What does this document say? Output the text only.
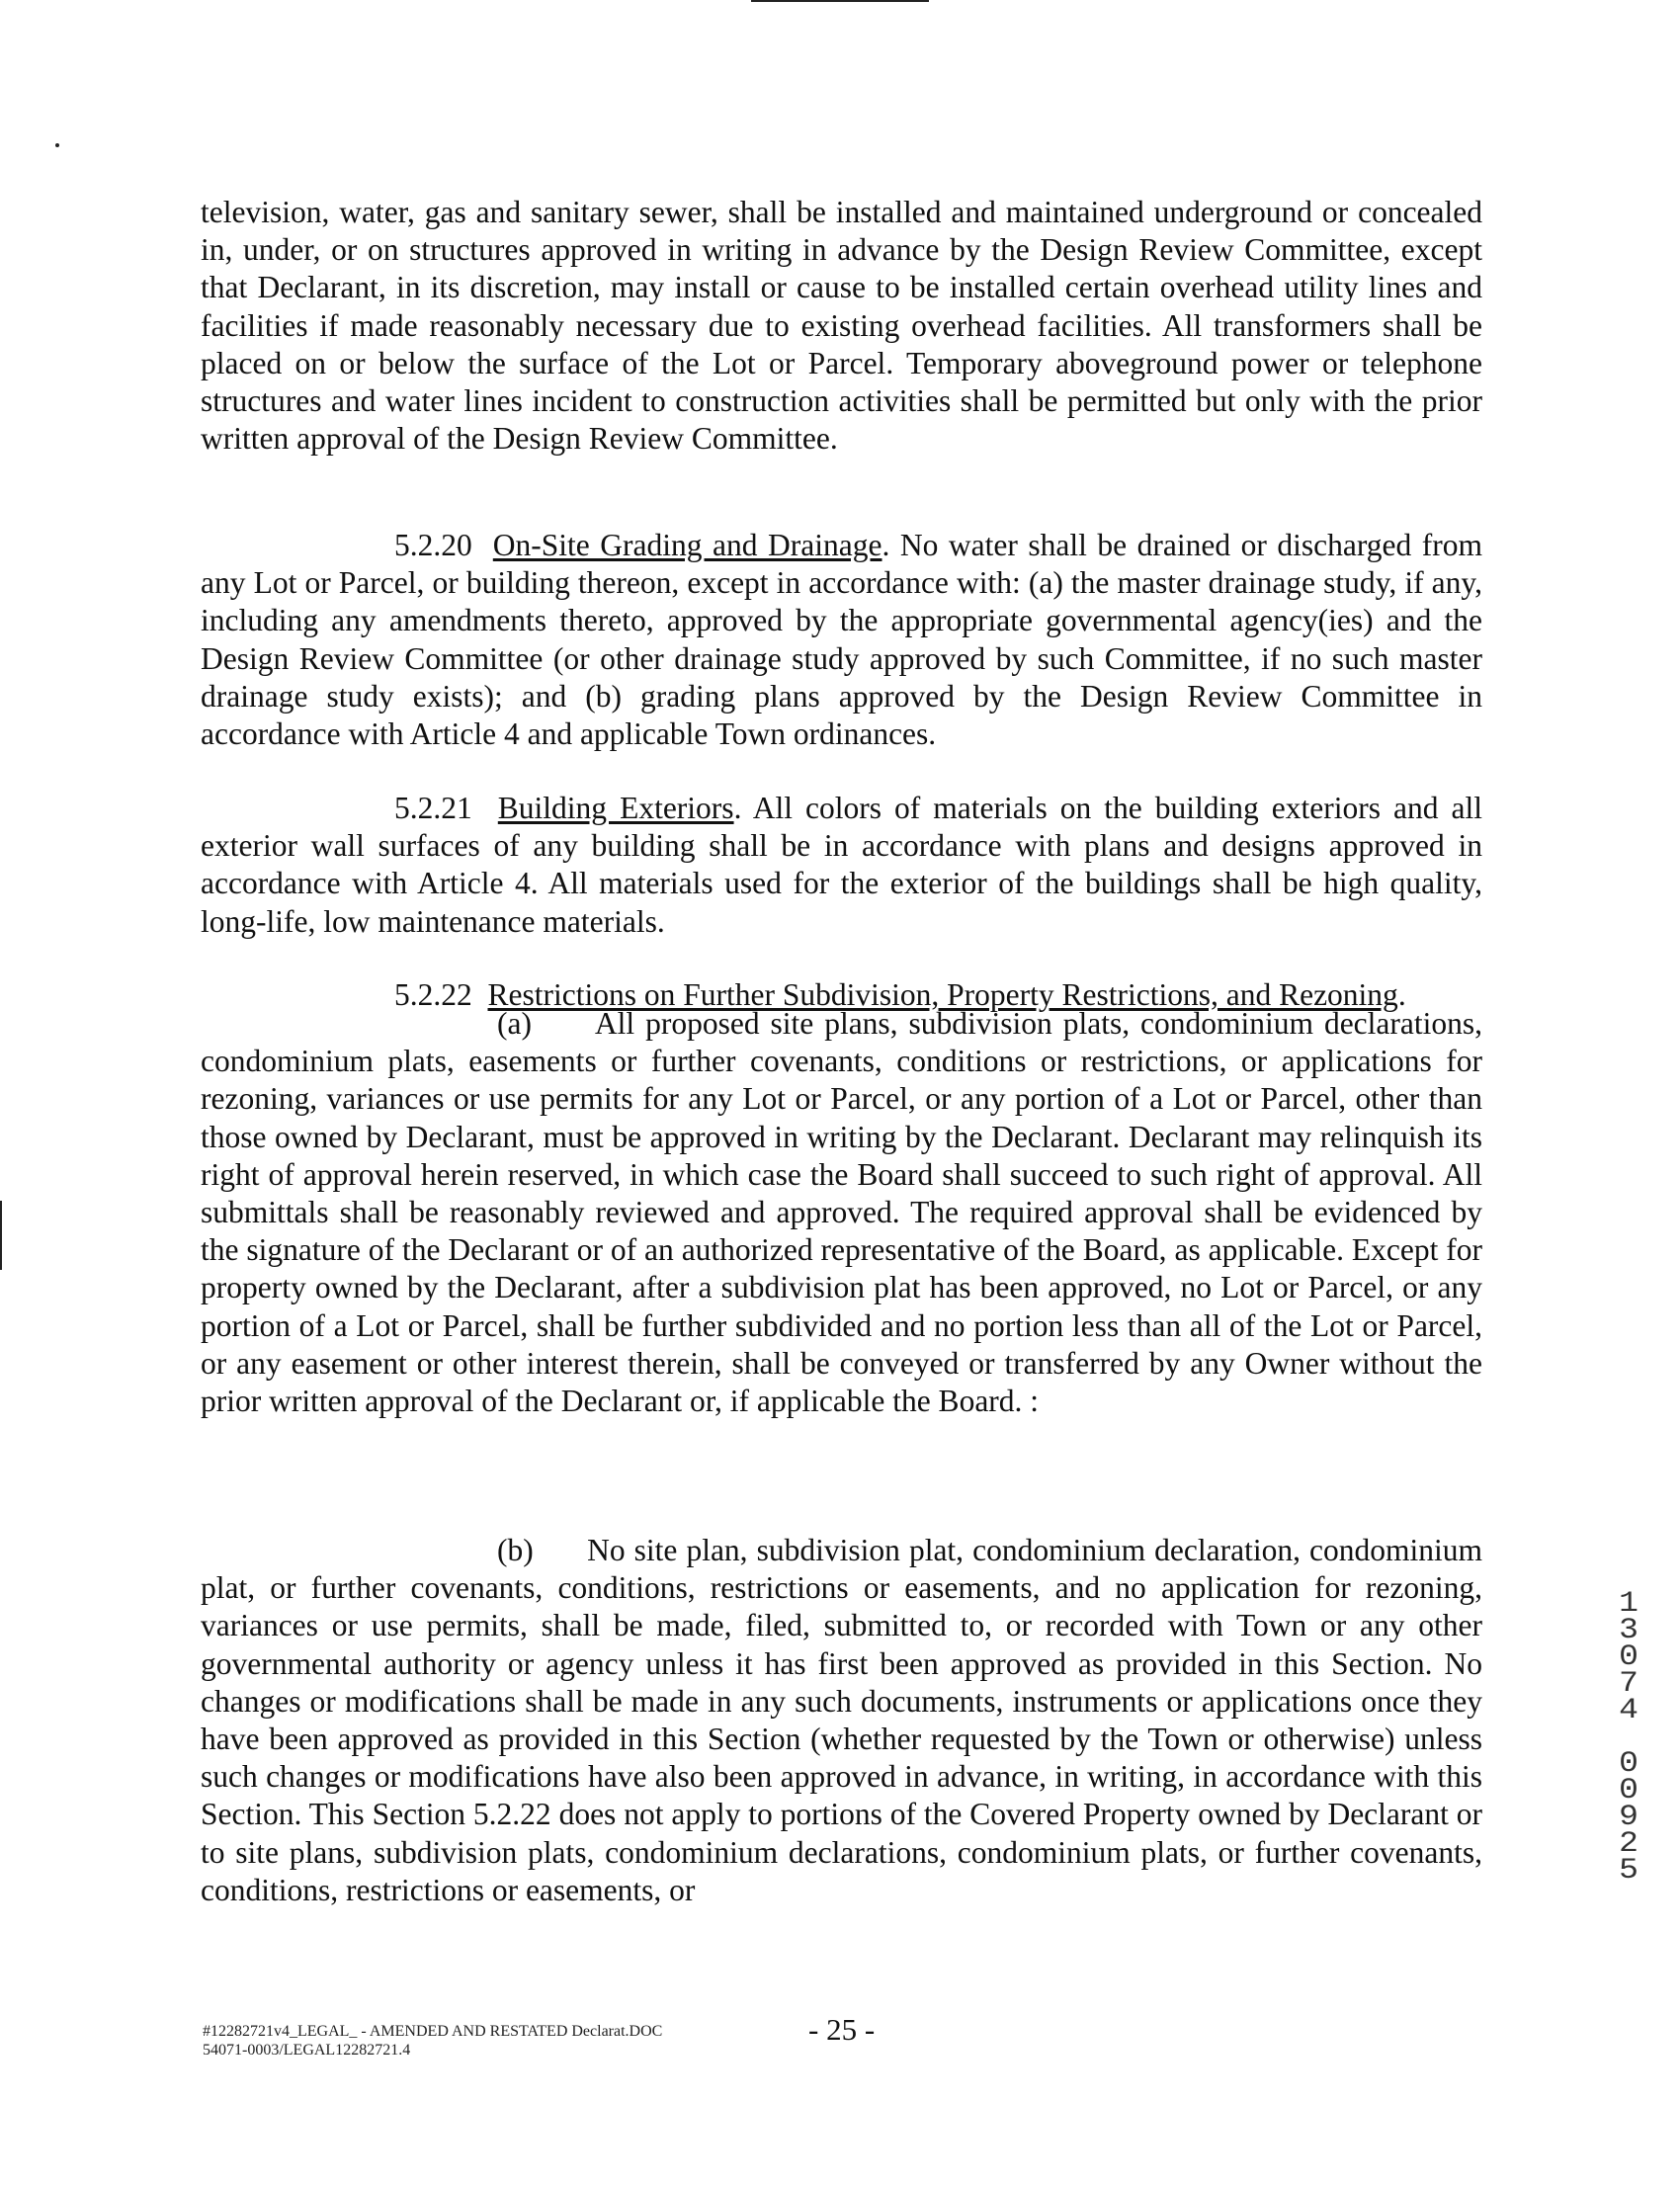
television, water, gas and sanitary sewer, shall be installed and maintained underground or concealed in, under, or on structures approved in writing in advance by the Design Review Committee, except that Declarant, in its discretion, may install or cause to be installed certain overhead utility lines and facilities if made reasonably necessary due to existing overhead facilities. All transformers shall be placed on or below the surface of the Lot or Parcel. Temporary aboveground power or telephone structures and water lines incident to construction activities shall be permitted but only with the prior written approval of the Design Review Committee.

5.2.20 On-Site Grading and Drainage. No water shall be drained or discharged from any Lot or Parcel, or building thereon, except in accordance with: (a) the master drainage study, if any, including any amendments thereto, approved by the appropriate governmental agency(ies) and the Design Review Committee (or other drainage study approved by such Committee, if no such master drainage study exists); and (b) grading plans approved by the Design Review Committee in accordance with Article 4 and applicable Town ordinances.

5.2.21 Building Exteriors. All colors of materials on the building exteriors and all exterior wall surfaces of any building shall be in accordance with plans and designs approved in accordance with Article 4. All materials used for the exterior of the buildings shall be high quality, long-life, low maintenance materials.

5.2.22 Restrictions on Further Subdivision, Property Restrictions, and Rezoning.

(a) All proposed site plans, subdivision plats, condominium declarations, condominium plats, easements or further covenants, conditions or restrictions, or applications for rezoning, variances or use permits for any Lot or Parcel, or any portion of a Lot or Parcel, other than those owned by Declarant, must be approved in writing by the Declarant. Declarant may relinquish its right of approval herein reserved, in which case the Board shall succeed to such right of approval. All submittals shall be reasonably reviewed and approved. The required approval shall be evidenced by the signature of the Declarant or of an authorized representative of the Board, as applicable. Except for property owned by the Declarant, after a subdivision plat has been approved, no Lot or Parcel, or any portion of a Lot or Parcel, shall be further subdivided and no portion less than all of the Lot or Parcel, or any easement or other interest therein, shall be conveyed or transferred by any Owner without the prior written approval of the Declarant or, if applicable the Board. :

(b) No site plan, subdivision plat, condominium declaration, condominium plat, or further covenants, conditions, restrictions or easements, and no application for rezoning, variances or use permits, shall be made, filed, submitted to, or recorded with Town or any other governmental authority or agency unless it has first been approved as provided in this Section. No changes or modifications shall be made in any such documents, instruments or applications once they have been approved as provided in this Section (whether requested by the Town or otherwise) unless such changes or modifications have also been approved in advance, in writing, in accordance with this Section. This Section 5.2.22 does not apply to portions of the Covered Property owned by Declarant or to site plans, subdivision plats, condominium declarations, condominium plats, or further covenants, conditions, restrictions or easements, or

#12282721v4_LEGAL_ - AMENDED AND RESTATED Declarat.DOC
54071-0003/LEGAL12282721.4
- 25 -
1
3
0
7
4
0
0
9
2
5
